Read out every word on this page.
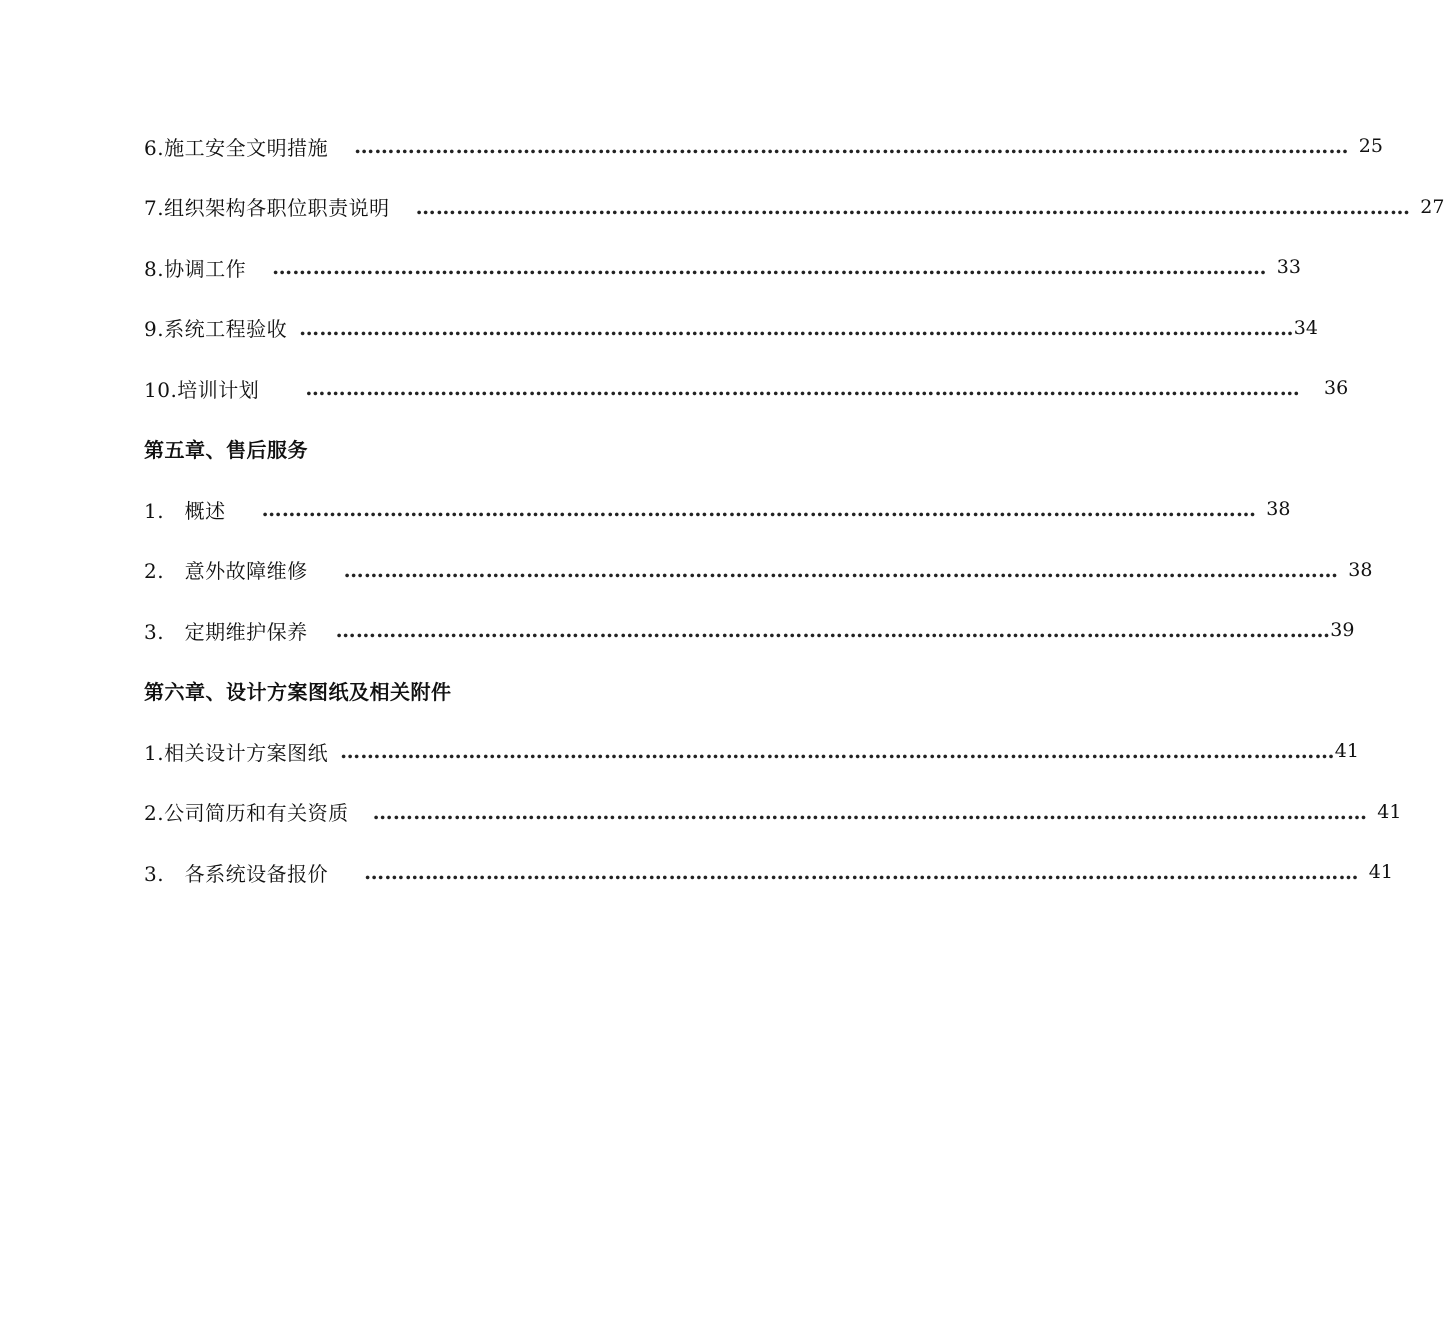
6.施工安全文明措施 ………………………………………………………………………………………………………………………………… 25
7.组织架构各职位职责说明 ………………………………………………………………………………………………………………………………… 27
8.协调工作 ………………………………………………………………………………………………………………………………… 33
9.系统工程验收 ………………………………………………………………………………………………………………………………… 34
10.培训计划 ………………………………………………………………………………………………………………………………… 36
第五章、售后服务
1.　概述 ………………………………………………………………………………………………………………………………… 38
2.　意外故障维修 ………………………………………………………………………………………………………………………………… 38
3.　定期维护保养 ………………………………………………………………………………………………………………………………… 39
第六章、设计方案图纸及相关附件
1.相关设计方案图纸 ………………………………………………………………………………………………………………………………… 41
2.公司简历和有关资质 ………………………………………………………………………………………………………………………………… 41
3.　各系统设备报价 ………………………………………………………………………………………………………………………………… 41
